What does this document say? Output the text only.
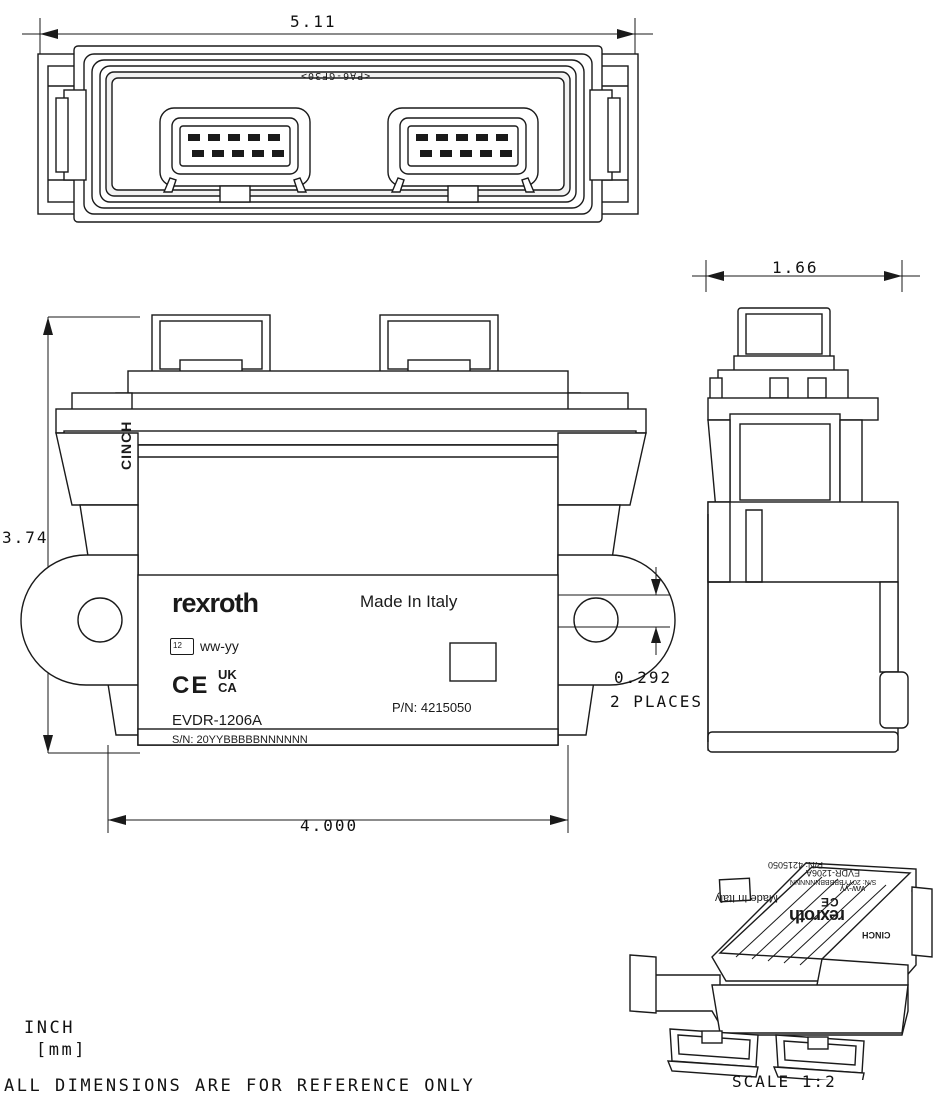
5.11
<PA6-GF30>
3.74
4.000
0.292
2 PLACES
CINCH
rexroth	Made In Italy
12 ww-yy
CE UK
CA
P/N: 4215050
EVDR-1206A
S/N: 20YYBBBBBNNNNNN
1.66
rexroth
Made In Italy
P/N: 4215050
EVDR-1206A
S/N: 20YYBBBBBNNNNNN
CINCH
ww-yy
CE
SCALE 1:2
INCH
[mm]
ALL DIMENSIONS ARE FOR REFERENCE ONLY
